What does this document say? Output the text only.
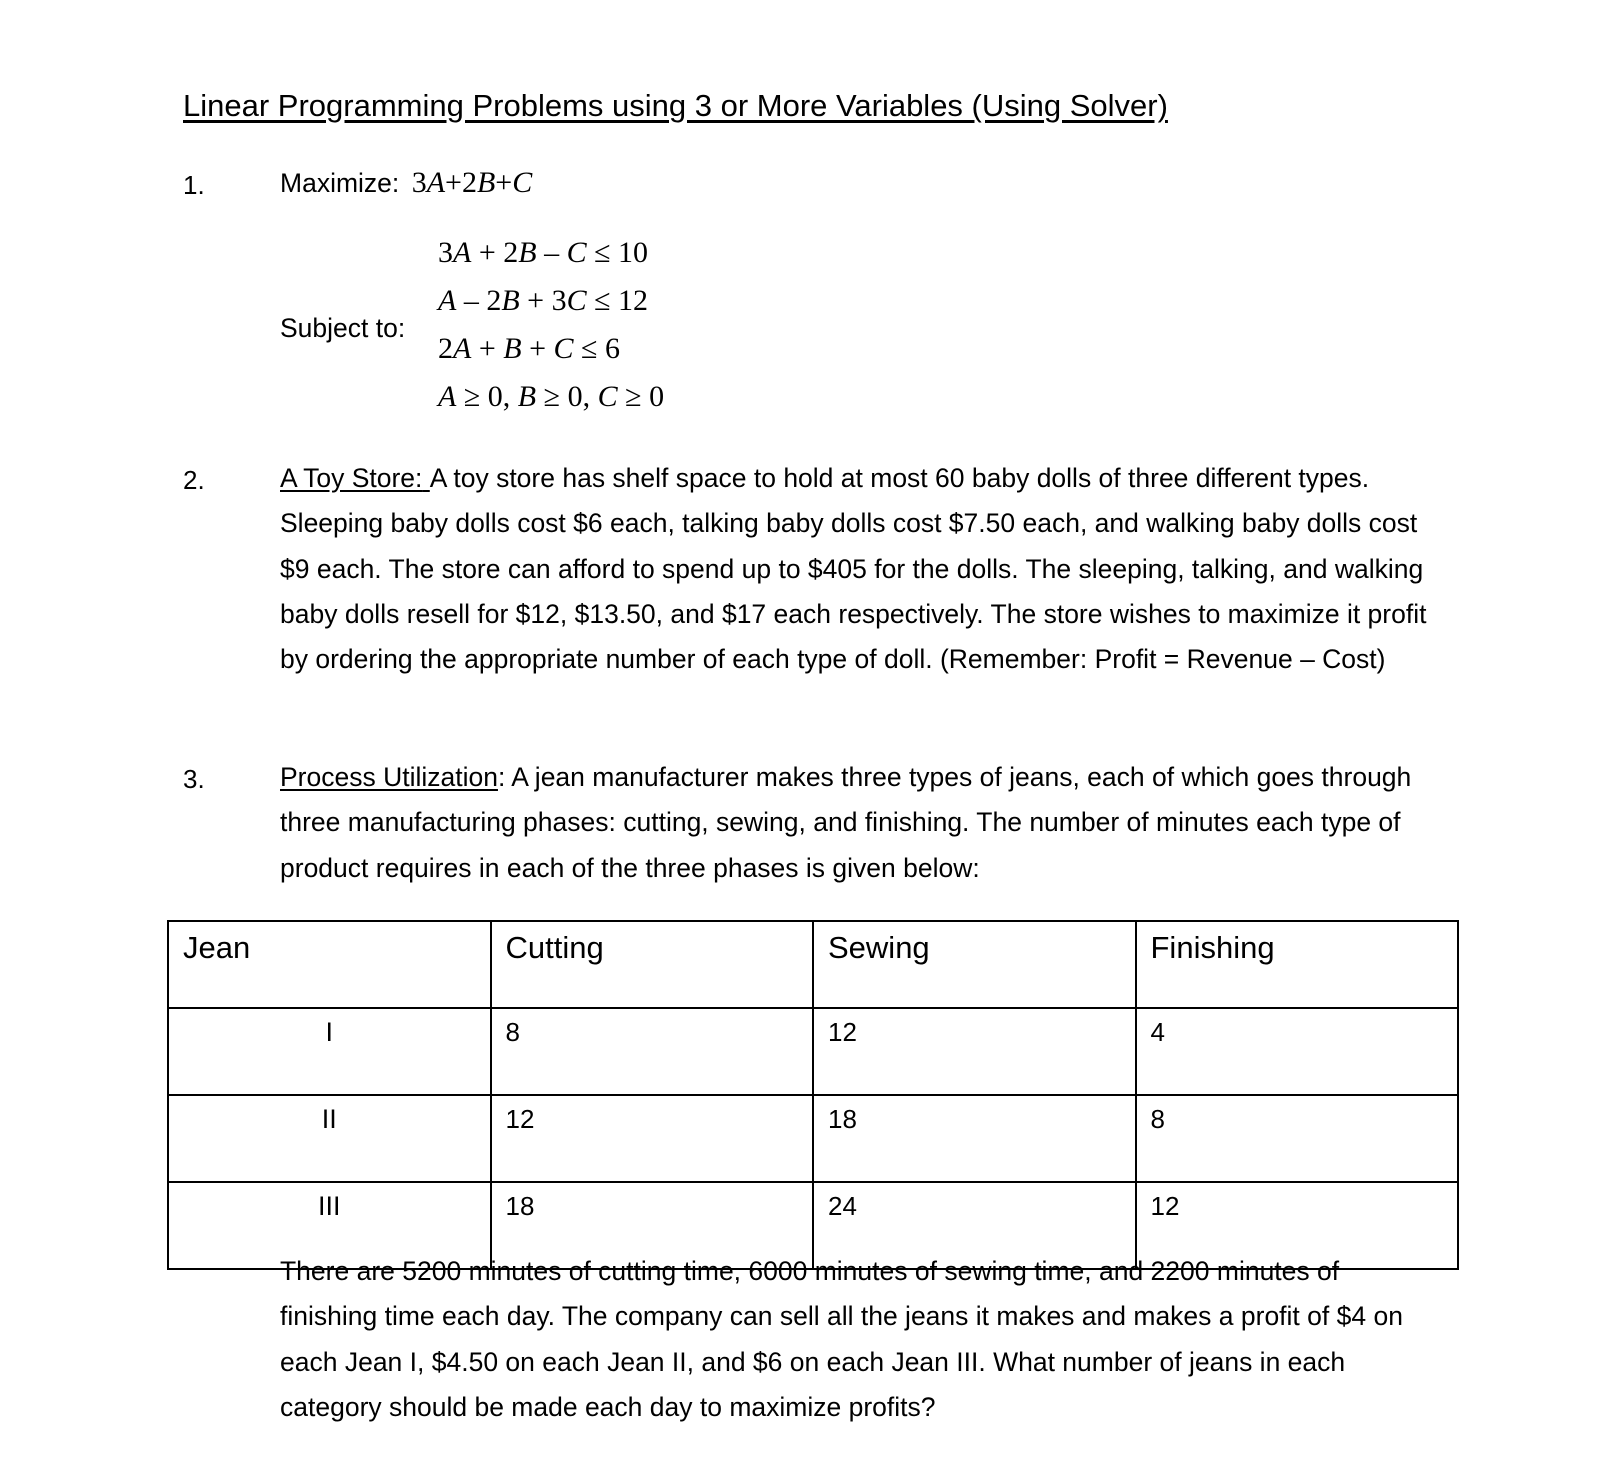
Linear Programming Problems using 3 or More Variables (Using Solver)
1.	Maximize: 3A+2B+C
Subject to:
3A + 2B – C ≤ 10
A – 2B + 3C ≤ 12
2A + B + C ≤ 6
A ≥ 0, B ≥ 0, C ≥ 0
2.	A Toy Store: A toy store has shelf space to hold at most 60 baby dolls of three different types. Sleeping baby dolls cost $6 each, talking baby dolls cost $7.50 each, and walking baby dolls cost $9 each. The store can afford to spend up to $405 for the dolls. The sleeping, talking, and walking baby dolls resell for $12, $13.50, and $17 each respectively. The store wishes to maximize it profit by ordering the appropriate number of each type of doll. (Remember: Profit = Revenue – Cost)
3.	Process Utilization: A jean manufacturer makes three types of jeans, each of which goes through three manufacturing phases: cutting, sewing, and finishing. The number of minutes each type of product requires in each of the three phases is given below:
Jean	Cutting	Sewing	Finishing
I	8	12	4
II	12	18	8
III	18	24	12
There are 5200 minutes of cutting time, 6000 minutes of sewing time, and 2200 minutes of finishing time each day. The company can sell all the jeans it makes and makes a profit of $4 on each Jean I, $4.50 on each Jean II, and $6 on each Jean III. What number of jeans in each category should be made each day to maximize profits?
